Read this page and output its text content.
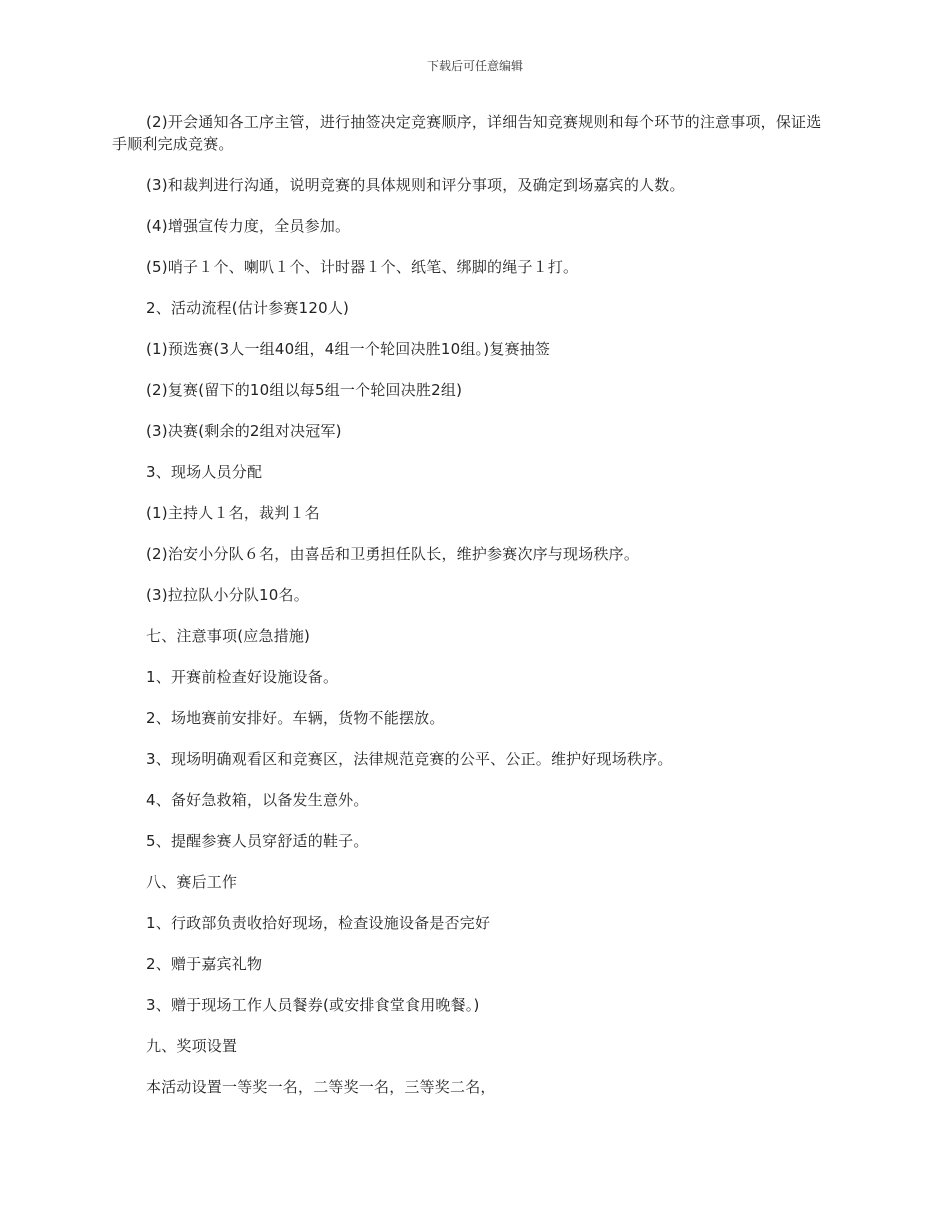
下载后可任意编辑

(2)开会通知各工序主管，进行抽签决定竞赛顺序，详细告知竞赛规则和每个环节的注意事项，保证选手顺利完成竞赛。

(3)和裁判进行沟通，说明竞赛的具体规则和评分事项，及确定到场嘉宾的人数。

(4)增强宣传力度，全员参加。

(5)哨子１个、喇叭１个、计时器１个、纸笔、绑脚的绳子１打。

2、活动流程(估计参赛120人)

(1)预选赛(3人一组40组，4组一个轮回决胜10组。)复赛抽签

(2)复赛(留下的10组以每5组一个轮回决胜2组)

(3)决赛(剩余的2组对决冠军)

3、现场人员分配

(1)主持人１名，裁判１名

(2)治安小分队６名，由喜岳和卫勇担任队长，维护参赛次序与现场秩序。

(3)拉拉队小分队10名。

七、注意事项(应急措施)

1、开赛前检查好设施设备。

2、场地赛前安排好。车辆，货物不能摆放。

3、现场明确观看区和竞赛区，法律规范竞赛的公平、公正。维护好现场秩序。

4、备好急救箱，以备发生意外。

5、提醒参赛人员穿舒适的鞋子。

八、赛后工作

1、行政部负责收拾好现场，检查设施设备是否完好

2、赠于嘉宾礼物

3、赠于现场工作人员餐券(或安排食堂食用晚餐。)

九、奖项设置

本活动设置一等奖一名，二等奖一名，三等奖二名，
